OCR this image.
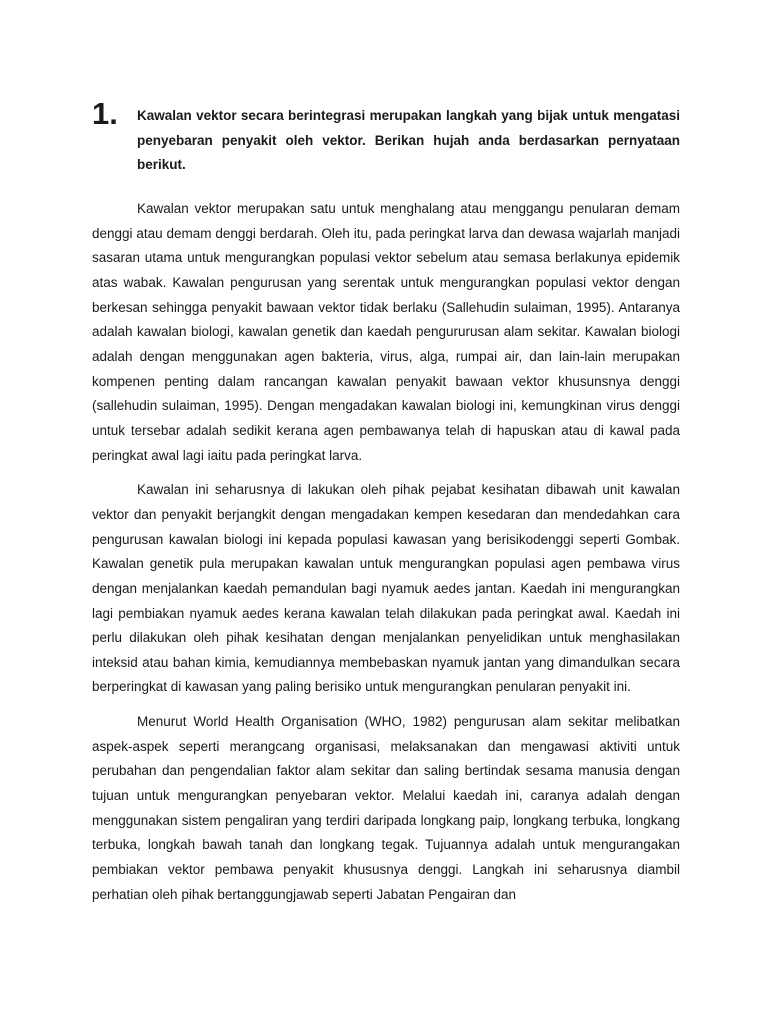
1. Kawalan vektor secara berintegrasi merupakan langkah yang bijak untuk mengatasi penyebaran penyakit oleh vektor. Berikan hujah anda berdasarkan pernyataan berikut.

Kawalan vektor merupakan satu untuk menghalang atau menggangu penularan demam denggi atau demam denggi berdarah. Oleh itu, pada peringkat larva dan dewasa wajarlah manjadi sasaran utama untuk mengurangkan populasi vektor sebelum atau semasa berlakunya epidemik atas wabak. Kawalan pengurusan yang serentak untuk mengurangkan populasi vektor dengan berkesan sehingga penyakit bawaan vektor tidak berlaku (Sallehudin sulaiman, 1995). Antaranya adalah kawalan biologi, kawalan genetik dan kaedah pengururusan alam sekitar. Kawalan biologi adalah dengan menggunakan agen bakteria, virus, alga, rumpai air, dan lain-lain merupakan kompenen penting dalam rancangan kawalan penyakit bawaan vektor khusunsnya denggi (sallehudin sulaiman, 1995). Dengan mengadakan kawalan biologi ini, kemungkinan virus denggi untuk tersebar adalah sedikit kerana agen pembawanya telah di hapuskan atau di kawal pada peringkat awal lagi iaitu pada peringkat larva.

Kawalan ini seharusnya di lakukan oleh pihak pejabat kesihatan dibawah unit kawalan vektor dan penyakit berjangkit dengan mengadakan kempen kesedaran dan mendedahkan cara pengurusan kawalan biologi ini kepada populasi kawasan yang berisikodenggi seperti Gombak. Kawalan genetik pula merupakan kawalan untuk mengurangkan populasi agen pembawa virus dengan menjalankan kaedah pemandulan bagi nyamuk aedes jantan. Kaedah ini mengurangkan lagi pembiakan nyamuk aedes kerana kawalan telah dilakukan pada peringkat awal. Kaedah ini perlu dilakukan oleh pihak kesihatan dengan menjalankan penyelidikan untuk menghasilakan inteksid atau bahan kimia, kemudiannya membebaskan nyamuk jantan yang dimandulkan secara berperingkat di kawasan yang paling berisiko untuk mengurangkan penularan penyakit ini.

Menurut World Health Organisation (WHO, 1982) pengurusan alam sekitar melibatkan aspek-aspek seperti merangcang organisasi, melaksanakan dan mengawasi aktiviti untuk perubahan dan pengendalian faktor alam sekitar dan saling bertindak sesama manusia dengan tujuan untuk mengurangkan penyebaran vektor. Melalui kaedah ini, caranya adalah dengan menggunakan sistem pengaliran yang terdiri daripada longkang paip, longkang terbuka, longkang terbuka, longkah bawah tanah dan longkang tegak. Tujuannya adalah untuk mengurangakan pembiakan vektor pembawa penyakit khususnya denggi. Langkah ini seharusnya diambil perhatian oleh pihak bertanggungjawab seperti Jabatan Pengairan dan
